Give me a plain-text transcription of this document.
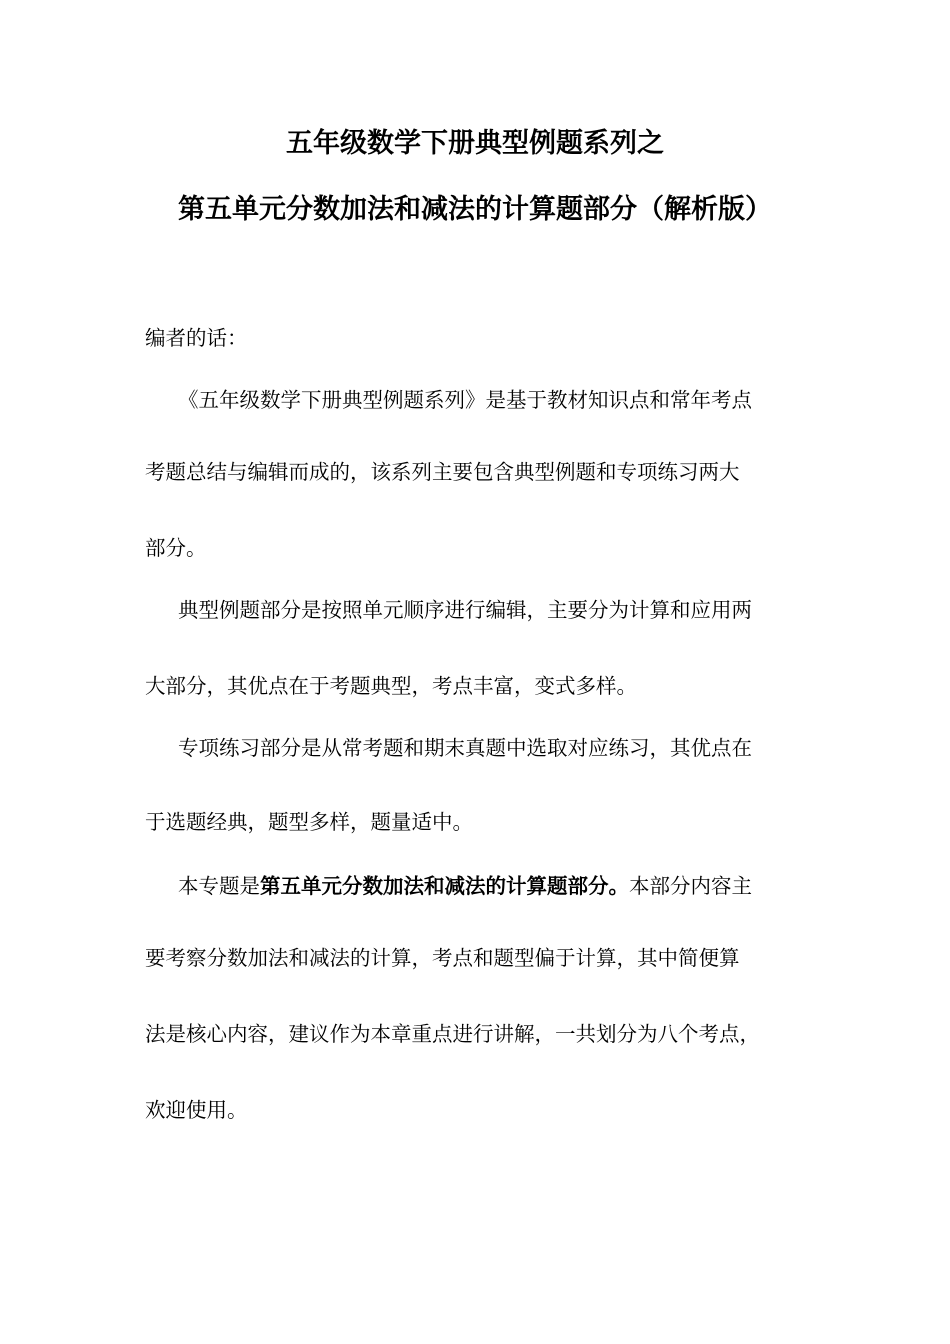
五年级数学下册典型例题系列之
第五单元分数加法和减法的计算题部分（解析版）
编者的话：
《五年级数学下册典型例题系列》是基于教材知识点和常年考点
考题总结与编辑而成的，该系列主要包含典型例题和专项练习两大
部分。
典型例题部分是按照单元顺序进行编辑，主要分为计算和应用两
大部分，其优点在于考题典型，考点丰富，变式多样。
专项练习部分是从常考题和期末真题中选取对应练习，其优点在
于选题经典，题型多样，题量适中。
本专题是第五单元分数加法和减法的计算题部分。本部分内容主
要考察分数加法和减法的计算，考点和题型偏于计算，其中简便算
法是核心内容，建议作为本章重点进行讲解，一共划分为八个考点，
欢迎使用。
